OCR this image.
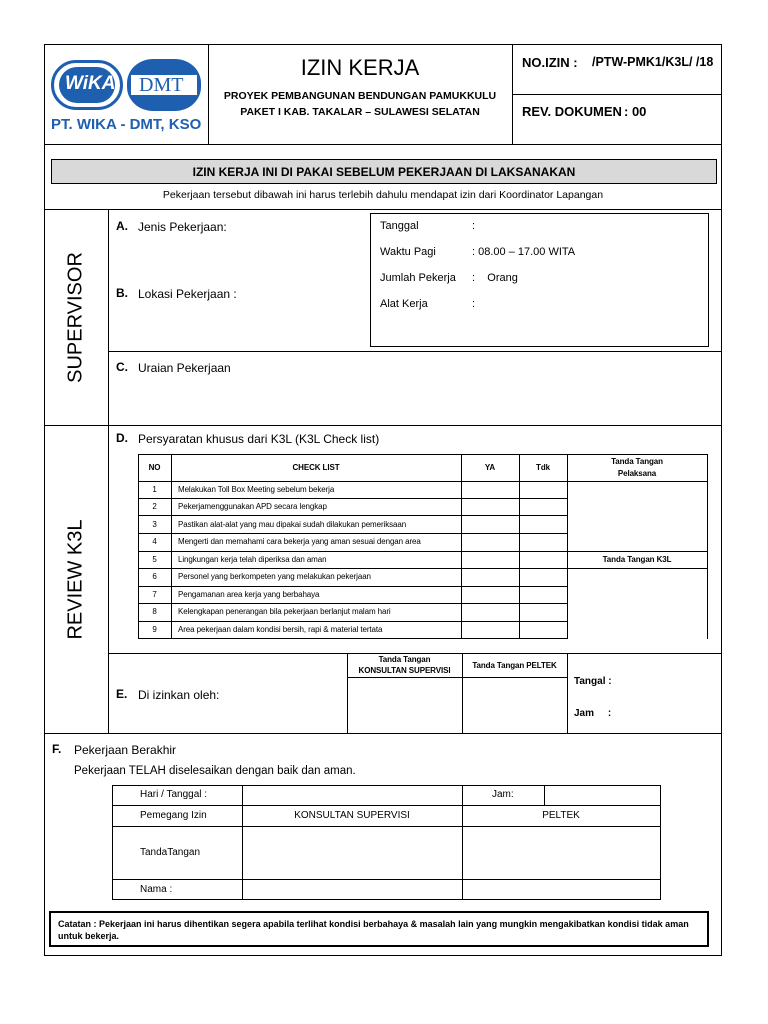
WiKA DMT
PT. WIKA - DMT, KSO
IZIN KERJA
PROYEK PEMBANGUNAN BENDUNGAN PAMUKKULU
PAKET I KAB. TAKALAR – SULAWESI SELATAN
NO.IZIN : /PTW-PMK1/K3L/ /18
REV. DOKUMEN : 00
IZIN KERJA INI DI PAKAI SEBELUM PEKERJAAN DI LAKSANAKAN
Pekerjaan tersebut dibawah ini harus terlebih dahulu mendapat izin dari Koordinator Lapangan
SUPERVISOR
A. Jenis Pekerjaan:
B. Lokasi Pekerjaan :
C. Uraian Pekerjaan
Tanggal	:
Waktu Pagi	: 08.00 – 17.00 WITA
Jumlah Pekerja :    Orang
Alat Kerja	:
REVIEW K3L
D. Persyaratan khusus dari K3L (K3L Check list)
NO	CHECK LIST	YA	Tdk
Tanda Tangan
Pelaksana
Tanda Tangan K3L
1	Melakukan Toll Box Meeting sebelum bekerja
2	Pekerjamenggunakan APD secara lengkap
3	Pastikan alat-alat yang mau dipakai sudah dilakukan pemeriksaan
4	Mengerti dan memahami cara bekerja yang aman sesuai dengan area
5	Lingkungan kerja telah diperiksa dan aman
6	Personel yang berkompeten yang melakukan pekerjaan
7	Pengamanan area kerja yang berbahaya
8	Kelengkapan penerangan bila pekerjaan berlanjut malam hari
9	Area pekerjaan dalam kondisi bersih, rapi & material tertata
E. Di izinkan oleh:
Tanda Tangan
KONSULTAN SUPERVISI
Tanda Tangan PELTEK
Tangal :
Jam     :
F. Pekerjaan Berakhir
Pekerjaan TELAH diselesaikan dengan baik dan aman.
Hari / Tanggal :	Jam:
Pemegang Izin	KONSULTAN SUPERVISI	PELTEK
TandaTangan
Nama :
Catatan : Pekerjaan ini harus dihentikan segera apabila terlihat kondisi berbahaya & masalah lain yang mungkin mengakibatkan kondisi tidak aman untuk bekerja.
